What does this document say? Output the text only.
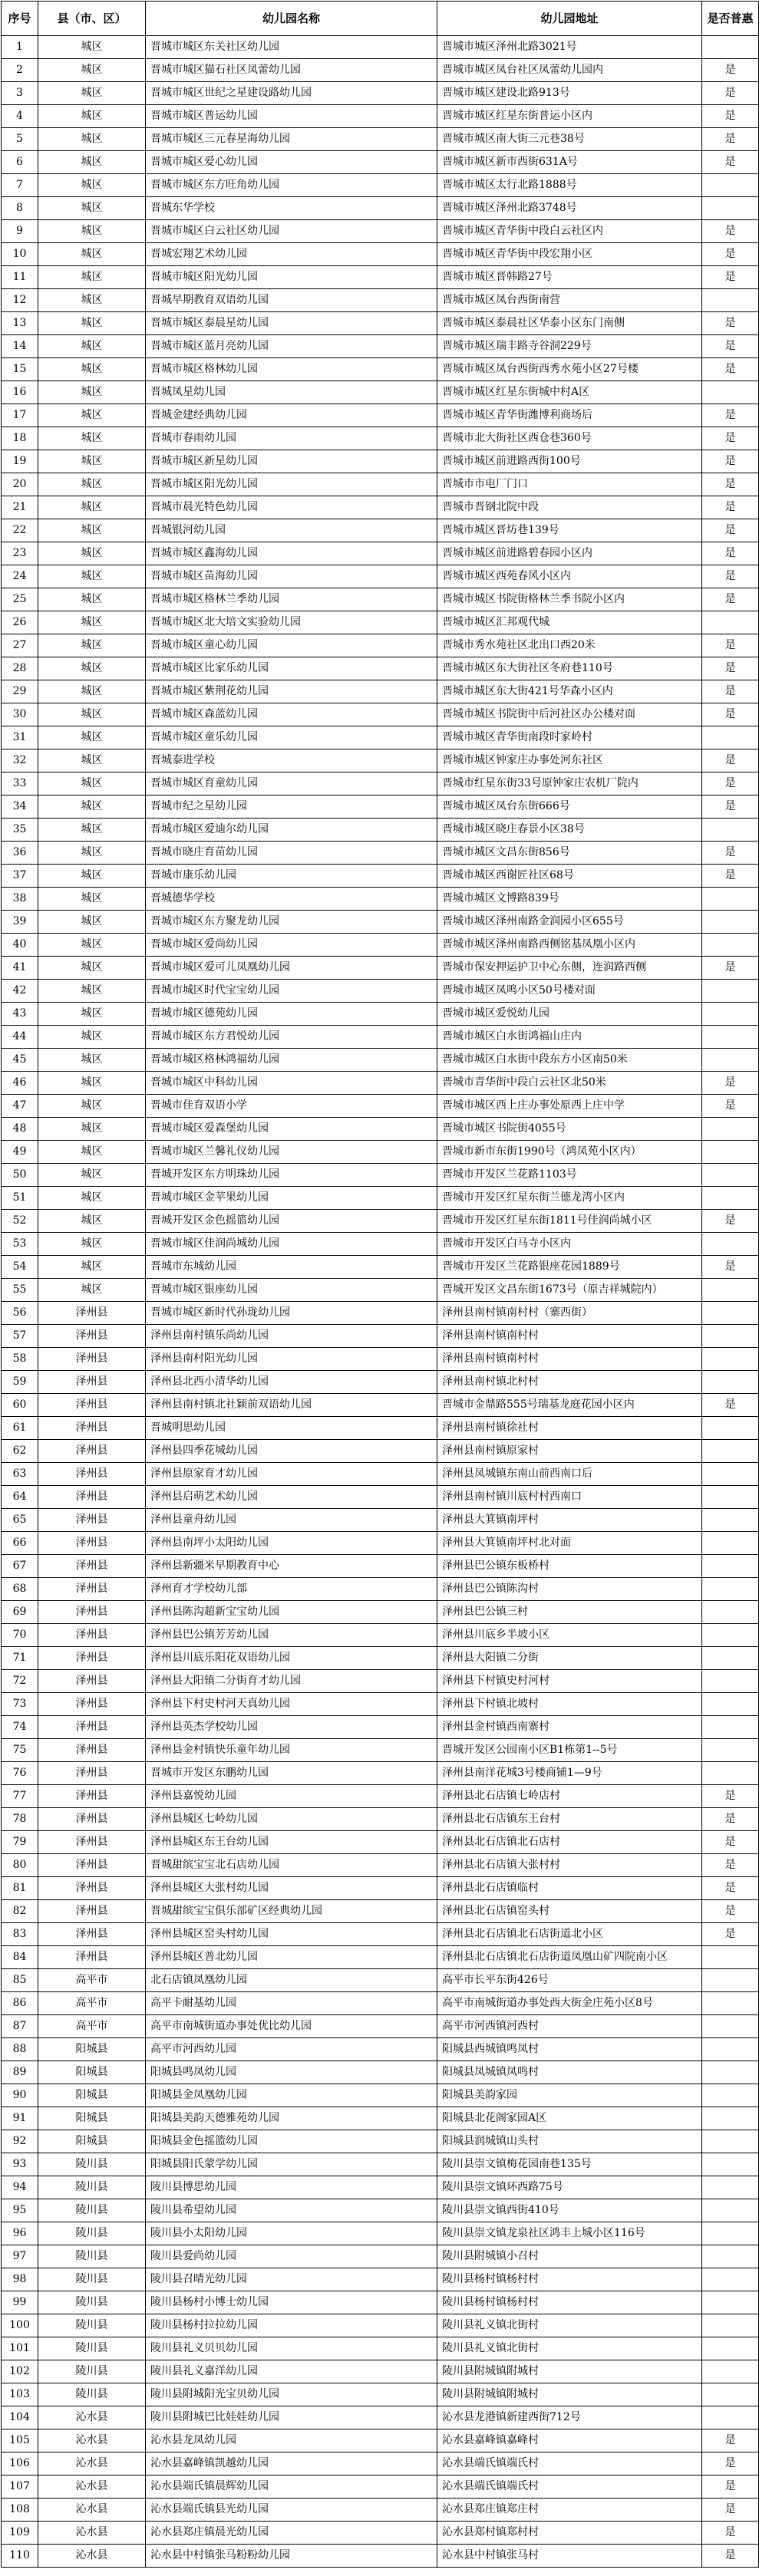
序号	县（市、区）	幼儿园名称	幼儿园地址	是否普惠
1	城区	晋城市城区东关社区幼儿园	晋城市城区泽州北路3021号	
2	城区	晋城市城区猫石社区凤蕾幼儿园	晋城市城区凤台社区凤蕾幼儿园内	是
3	城区	晋城市城区世纪之星建设路幼儿园	晋城市城区建设北路913号	是
4	城区	晋城市城区普运幼儿园	晋城市城区红星东街普运小区内	是
5	城区	晋城市城区三元春星海幼儿园	晋城市城区南大街三元巷38号	是
6	城区	晋城市城区爱心幼儿园	晋城市城区新市西街631A号	是
7	城区	晋城市城区东方旺角幼儿园	晋城市城区太行北路1888号	
8	城区	晋城东华学校	晋城市城区泽州北路3748号	
9	城区	晋城市城区白云社区幼儿园	晋城市城区青华街中段白云社区内	是
10	城区	晋城宏翔艺术幼儿园	晋城市城区青华街中段宏翔小区	是
11	城区	晋城市城区阳光幼儿园	晋城市城区晋韩路27号	是
12	城区	晋城早期教育双语幼儿园	晋城市城区凤台西街南营	
13	城区	晋城市城区泰晨星幼儿园	晋城市城区泰晨社区华泰小区东门南侧	是
14	城区	晋城市城区蓝月亮幼儿园	晋城市城区瑞丰路寺谷洞229号	是
15	城区	晋城市城区格林幼儿园	晋城市城区凤台西街西秀水苑小区27号楼	是
16	城区	晋城凤星幼儿园	晋城市城区红星东街城中村A区	
17	城区	晋城金建经典幼儿园	晋城市城区青华街潍博利商场后	是
18	城区	晋城市春雨幼儿园	晋城市北大街社区西仓巷360号	是
19	城区	晋城市城区新星幼儿园	晋城市城区前进路西街100号	是
20	城区	晋城市城区阳光幼儿园	晋城市市电厂门口	是
21	城区	晋城市晨光特色幼儿园	晋城市晋钢北院中段	是
22	城区	晋城银河幼儿园	晋城市城区晋坊巷139号	是
23	城区	晋城市城区鑫海幼儿园	晋城市城区前进路碧春园小区内	是
24	城区	晋城市城区苗海幼儿园	晋城市城区西苑春风小区内	是
25	城区	晋城市城区格林兰季幼儿园	晋城市城区书院街格林兰季书院小区内	是
26	城区	晋城市城区北大培文实验幼儿园	晋城市城区汇邦观代城	
27	城区	晋城市城区童心幼儿园	晋城市秀水苑社区北出口西20米	是
28	城区	晋城市城区比家乐幼儿园	晋城市城区东大街社区冬府巷110号	是
29	城区	晋城市城区紫荆花幼儿园	晋城市城区东大街421号华森小区内	是
30	城区	晋城市城区森蓝幼儿园	晋城市城区书院街中后河社区办公楼对面	是
31	城区	晋城市城区童乐幼儿园	晋城市城区青华街南段时家岭村	
32	城区	晋城泰进学校	晋城市城区钟家庄办事处河东社区	是
33	城区	晋城市城区育童幼儿园	晋城市红星东街33号原钟家庄农机厂院内	是
34	城区	晋城市纪之星幼儿园	晋城市城区凤台东街666号	是
35	城区	晋城市城区爱迪尔幼儿园	晋城市城区晓庄春景小区38号	
36	城区	晋城市晓庄育苗幼儿园	晋城市城区文昌东街856号	是
37	城区	晋城市康乐幼儿园	晋城市城区西谢匠社区68号	是
38	城区	晋城德华学校	晋城市城区文博路839号	
39	城区	晋城市城区东方聚龙幼儿园	晋城市城区泽州南路金润园小区655号	
40	城区	晋城市城区爱尚幼儿园	晋城市城区泽州南路西侧铭基凤凰小区内	
41	城区	晋城市城区爱可儿凤凰幼儿园	晋城市保安押运护卫中心东侧，连润路西侧	是
42	城区	晋城市城区时代宝宝幼儿园	晋城市城区凤鸣小区50号楼对面	
43	城区	晋城市城区德苑幼儿园	晋城市城区爱悦幼儿园	
44	城区	晋城市城区东方君悦幼儿园	晋城市城区白水街鸿福山庄内	
45	城区	晋城市城区格林鸿福幼儿园	晋城市城区白水街中段东方小区南50米	
46	城区	晋城市城区中科幼儿园	晋城市青华街中段白云社区北50米	是
47	城区	晋城市佳育双语小学	晋城市城区西上庄办事处原西上庄中学	是
48	城区	晋城市城区爱森堡幼儿园	晋城市城区书院街4055号	
49	城区	晋城市城区兰馨礼仪幼儿园	晋城市新市东街1990号（鸿凤苑小区内）	
50	城区	晋城开发区东方明珠幼儿园	晋城市开发区兰花路1103号	
51	城区	晋城市城区金苹果幼儿园	晋城市开发区红星东街兰德龙湾小区内	
52	城区	晋城开发区金色摇篮幼儿园	晋城市开发区红星东街1811号佳润尚城小区	是
53	城区	晋城市城区佳润尚城幼儿园	晋城市开发区白马寺小区内	
54	城区	晋城市东城幼儿园	晋城市开发区兰花路银座花园1889号	是
55	城区	晋城市城区银座幼儿园	晋城开发区文昌东街1673号（原吉祥城院内）	
56	泽州县	晋城市城区新时代孙珑幼儿园	泽州县南村镇南村村（寨西街）	
57	泽州县	泽州县南村镇乐尚幼儿园	泽州县南村镇南村村	
58	泽州县	泽州县南村阳光幼儿园	泽州县南村镇南村村	
59	泽州县	泽州县北西小清华幼儿园	泽州县南村镇北村村	
60	泽州县	泽州县南村镇北社颖前双语幼儿园	晋城市金鼎路555号瑞基龙庭花园小区内	是
61	泽州县	晋城明思幼儿园	泽州县南村镇徐社村	
62	泽州县	泽州县四季花城幼儿园	泽州县南村镇原家村	
63	泽州县	泽州县原家育才幼儿园	泽州县凤城镇东南山前西南口后	
64	泽州县	泽州县启萌艺术幼儿园	泽州县南村镇川底村村西南口	
65	泽州县	泽州县童舟幼儿园	泽州县大箕镇南坪村	
66	泽州县	泽州县南坪小太阳幼儿园	泽州县大箕镇南坪村北对面	
67	泽州县	泽州县新疆米早期教育中心	泽州县巴公镇东板桥村	
68	泽州县	泽州育才学校幼儿部	泽州县巴公镇陈沟村	
69	泽州县	泽州县陈沟超新宝宝幼儿园	泽州县巴公镇三村	
70	泽州县	泽州县巴公镇芳芳幼儿园	泽州县川底乡半坡小区	
71	泽州县	泽州县川底乐阳花双语幼儿园	泽州县大阳镇二分街	
72	泽州县	泽州县大阳镇二分街育才幼儿园	泽州县下村镇史村河村	
73	泽州县	泽州县下村史村河天真幼儿园	泽州县下村镇北坡村	
74	泽州县	泽州县英杰学校幼儿园	泽州县金村镇西南寨村	
75	泽州县	泽州县金村镇快乐童年幼儿园	晋城开发区公园南小区B1栋第1--5号	
76	泽州县	晋城市开发区东鹏幼儿园	泽州县南洋花城3号楼商铺1—9号	
77	泽州县	泽州县嘉悦幼儿园	泽州县北石店镇七岭店村	是
78	泽州县	泽州县城区七岭幼儿园	泽州县北石店镇东王台村	是
79	泽州县	泽州县城区东王台幼儿园	泽州县北石店镇北石店村	是
80	泽州县	晋城甜缤宝宝北石店幼儿园	泽州县北石店镇大张村村	是
81	泽州县	泽州县城区大张村幼儿园	泽州县北石店镇临村	是
82	泽州县	晋城甜缤宝宝俱乐部矿区经典幼儿园	泽州县北石店镇窑头村	是
83	泽州县	泽州县城区窑头村幼儿园	泽州县北石店镇北石店街道北小区	是
84	泽州县	泽州县城区普北幼儿园	泽州县北石店镇北石店街道凤凰山矿四院南小区	
85	高平市	北石店镇凤凰幼儿园	高平市长平东街426号	
86	高平市	高平卡耐基幼儿园	高平市南城街道办事处西大街金庄苑小区8号	
87	高平市	高平市南城街道办事处优比幼儿园	高平市河西镇河西村	
88	阳城县	高平市河西幼儿园	阳城县西城镇鸣凤村	
89	阳城县	阳城县鸣凤幼儿园	阳城县凤城镇凤鸣村	
90	阳城县	阳城县金凤凰幼儿园	阳城县美韵家园	
91	阳城县	阳城县美韵天德雅苑幼儿园	阳城县北花阁家园A区	
92	阳城县	阳城县金色摇篮幼儿园	阳城县润城镇山头村	
93	陵川县	阳城县阳氏蒙学幼儿园	陵川县崇文镇梅花园南巷135号	
94	陵川县	陵川县博思幼儿园	陵川县崇文镇环西路75号	
95	陵川县	陵川县希望幼儿园	陵川县崇文镇西街410号	
96	陵川县	陵川县小太阳幼儿园	陵川县崇文镇龙泉社区鸿丰上城小区116号	
97	陵川县	陵川县爱尚幼儿园	陵川县附城镇小召村	
98	陵川县	陵川县召晴光幼儿园	陵川县杨村镇杨村村	
99	陵川县	陵川县杨村小博士幼儿园	陵川县杨村镇杨村村	
100	陵川县	陵川县杨村拉拉幼儿园	陵川县礼义镇北街村	
101	陵川县	陵川县礼义贝贝幼儿园	陵川县礼义镇北街村	
102	陵川县	陵川县礼义嘉洋幼儿园	陵川县附城镇附城村	
103	陵川县	陵川县附城阳光宝贝幼儿园	陵川县附城镇附城村	
104	沁水县	陵川县附城巴比娃娃幼儿园	沁水县龙港镇新建西街712号	
105	沁水县	沁水县龙凤幼儿园	沁水县嘉峰镇嘉峰村	是
106	沁水县	沁水县嘉峰镇凯越幼儿园	沁水县端氏镇端氏村	是
107	沁水县	沁水县端氏镇晨辉幼儿园	沁水县端氏镇端氏村	是
108	沁水县	沁水县端氏镇县光幼儿园	沁水县郑庄镇郑庄村	是
109	沁水县	沁水县郑庄镇晨光幼儿园	沁水县郑村镇郑村村	是
110	沁水县	沁水县中村镇张马粉粉幼儿园	沁水县中村镇张马村	是
